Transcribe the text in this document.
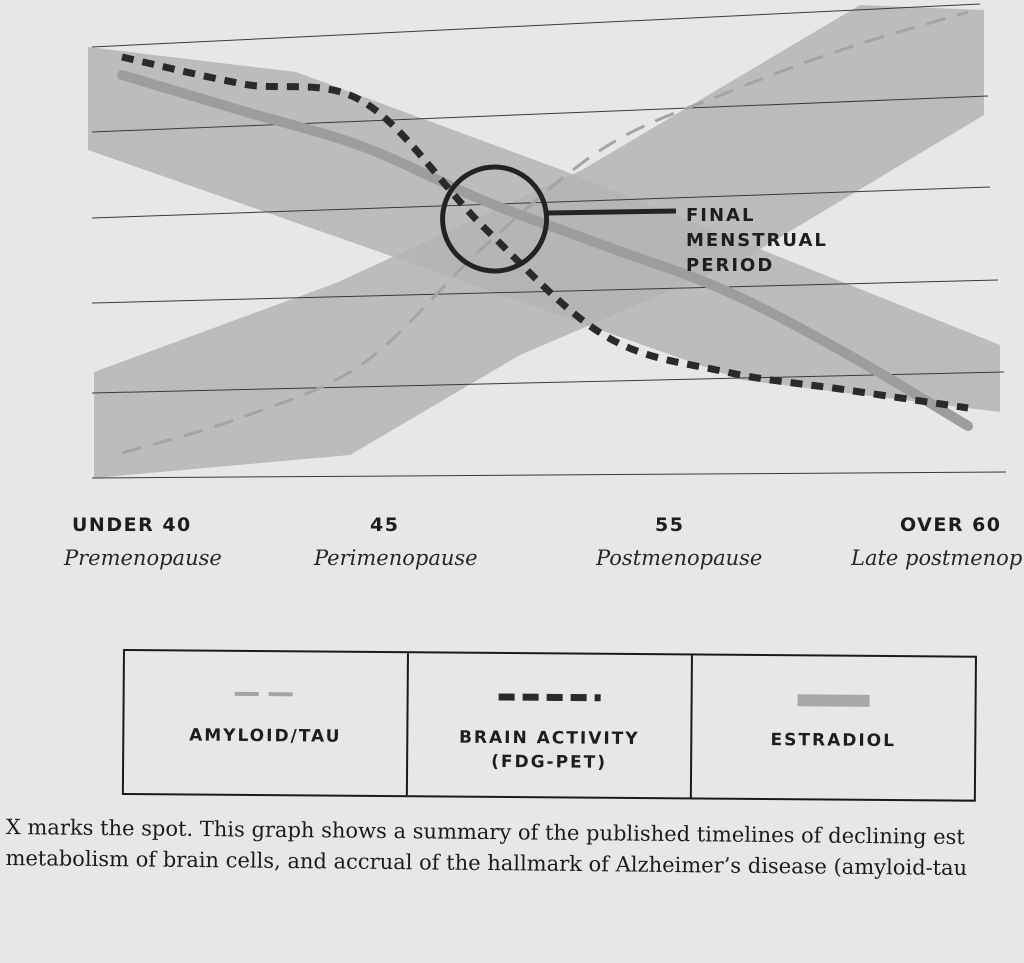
UNDER 40	45	55	OVER 60
Premenopause	Perimenopause	Postmenopause	Late postmenop
FINAL
MENSTRUAL
PERIOD
AMYLOID/TAU	BRAIN ACTIVITY (FDG-PET)
ESTRADIOL
X marks the spot. This graph shows a summary of the published timelines of declining est
metabolism of brain cells, and accrual of the hallmark of Alzheimer’s disease (amyloid-tau
